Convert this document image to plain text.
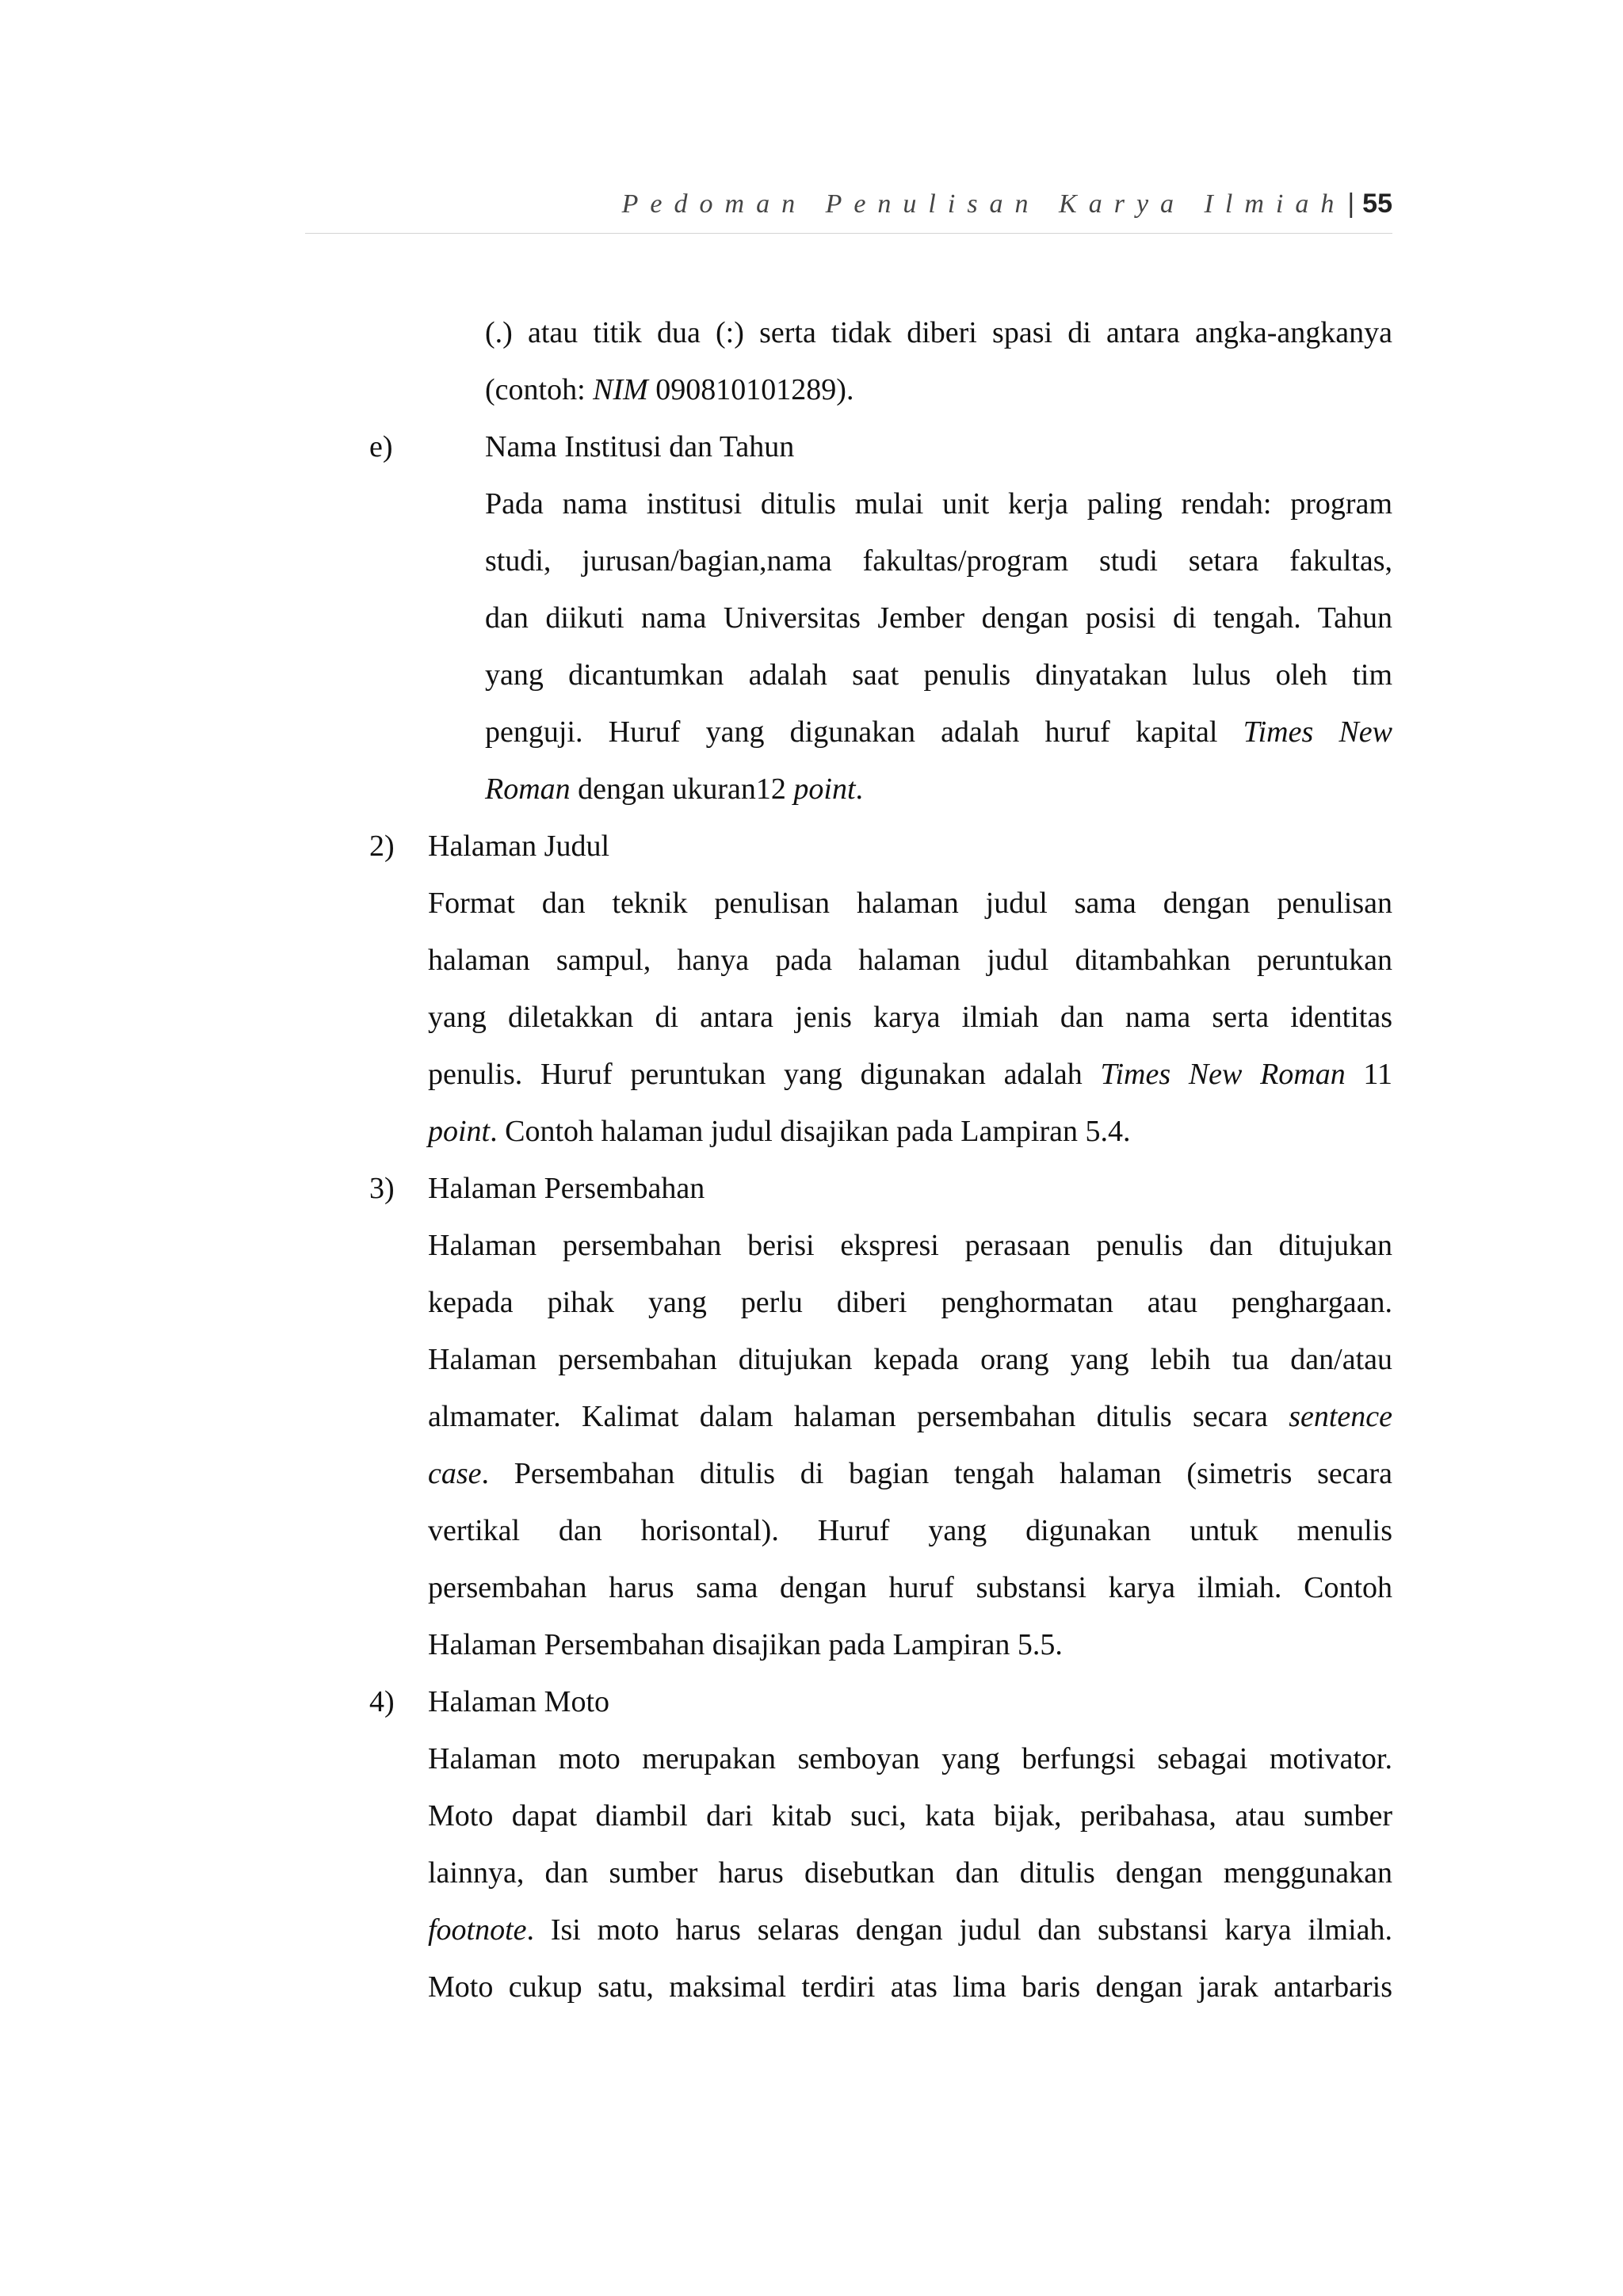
Pedoman Penulisan Karya Ilmiah| 55
(.) atau titik dua (:) serta tidak diberi spasi di antara angka-angkanya
(contoh: NIM 090810101289).
e)	Nama Institusi dan Tahun
Pada nama institusi ditulis mulai unit kerja paling rendah: program
studi, jurusan/bagian,nama fakultas/program studi setara fakultas,
dan diikuti nama Universitas Jember dengan posisi di tengah. Tahun
yang dicantumkan adalah saat penulis dinyatakan lulus oleh tim
penguji. Huruf yang digunakan adalah huruf kapital Times New
Roman dengan ukuran12 point.
2) Halaman Judul
Format dan teknik penulisan halaman judul sama dengan penulisan
halaman sampul, hanya pada halaman judul ditambahkan peruntukan
yang diletakkan di antara jenis karya ilmiah dan nama serta identitas
penulis. Huruf peruntukan yang digunakan adalah Times New Roman 11
point. Contoh halaman judul disajikan pada Lampiran 5.4.
3) Halaman Persembahan
Halaman persembahan berisi ekspresi perasaan penulis dan ditujukan
kepada pihak yang perlu diberi penghormatan atau penghargaan.
Halaman persembahan ditujukan kepada orang yang lebih tua dan/atau
almamater. Kalimat dalam halaman persembahan ditulis secara sentence
case. Persembahan ditulis di bagian tengah halaman (simetris secara
vertikal dan horisontal). Huruf yang digunakan untuk menulis
persembahan harus sama dengan huruf substansi karya ilmiah. Contoh
Halaman Persembahan disajikan pada Lampiran 5.5.
4) Halaman Moto
Halaman moto merupakan semboyan yang berfungsi sebagai motivator.
Moto dapat diambil dari kitab suci, kata bijak, peribahasa, atau sumber
lainnya, dan sumber harus disebutkan dan ditulis dengan menggunakan
footnote. Isi moto harus selaras dengan judul dan substansi karya ilmiah.
Moto cukup satu, maksimal terdiri atas lima baris dengan jarak antarbaris
